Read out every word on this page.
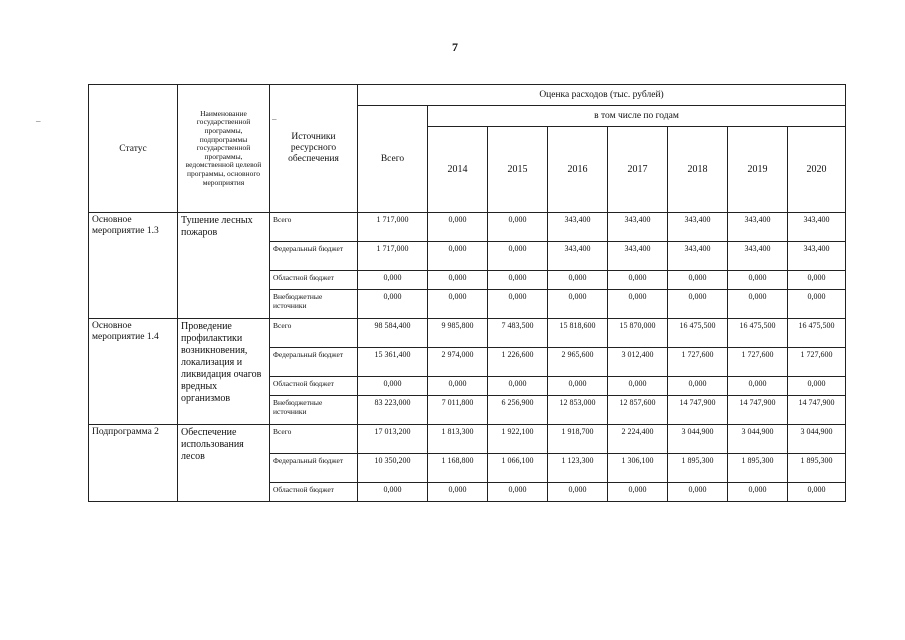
7
–	–
Статус	Наименование государственной программы, подпрограммы государственной программы, ведомственной целевой программы, основного мероприятия	Источники ресурсного обеспечения	Оценка расходов (тыс. рублей)							
			Всего	в том числе по годам						
				2014	2015	2016	2017	2018	2019	2020
Основное мероприятие 1.3	Тушение лесных пожаров	Всего	1 717,000	0,000	0,000	343,400	343,400	343,400	343,400	343,400
		Федеральный бюджет	1 717,000	0,000	0,000	343,400	343,400	343,400	343,400	343,400
		Областной бюджет	0,000	0,000	0,000	0,000	0,000	0,000	0,000	0,000
		Внебюджетные источники	0,000	0,000	0,000	0,000	0,000	0,000	0,000	0,000
Основное мероприятие 1.4	Проведение профилактики возникновения, локализация и ликвидация очагов вредных организмов	Всего	98 584,400	9 985,800	7 483,500	15 818,600	15 870,000	16 475,500	16 475,500	16 475,500
		Федеральный бюджет	15 361,400	2 974,000	1 226,600	2 965,600	3 012,400	1 727,600	1 727,600	1 727,600
		Областной бюджет	0,000	0,000	0,000	0,000	0,000	0,000	0,000	0,000
		Внебюджетные источники	83 223,000	7 011,800	6 256,900	12 853,000	12 857,600	14 747,900	14 747,900	14 747,900
Подпрограмма 2	Обеспечение использования лесов	Всего	17 013,200	1 813,300	1 922,100	1 918,700	2 224,400	3 044,900	3 044,900	3 044,900
		Федеральный бюджет	10 350,200	1 168,800	1 066,100	1 123,300	1 306,100	1 895,300	1 895,300	1 895,300
		Областной бюджет	0,000	0,000	0,000	0,000	0,000	0,000	0,000	0,000
